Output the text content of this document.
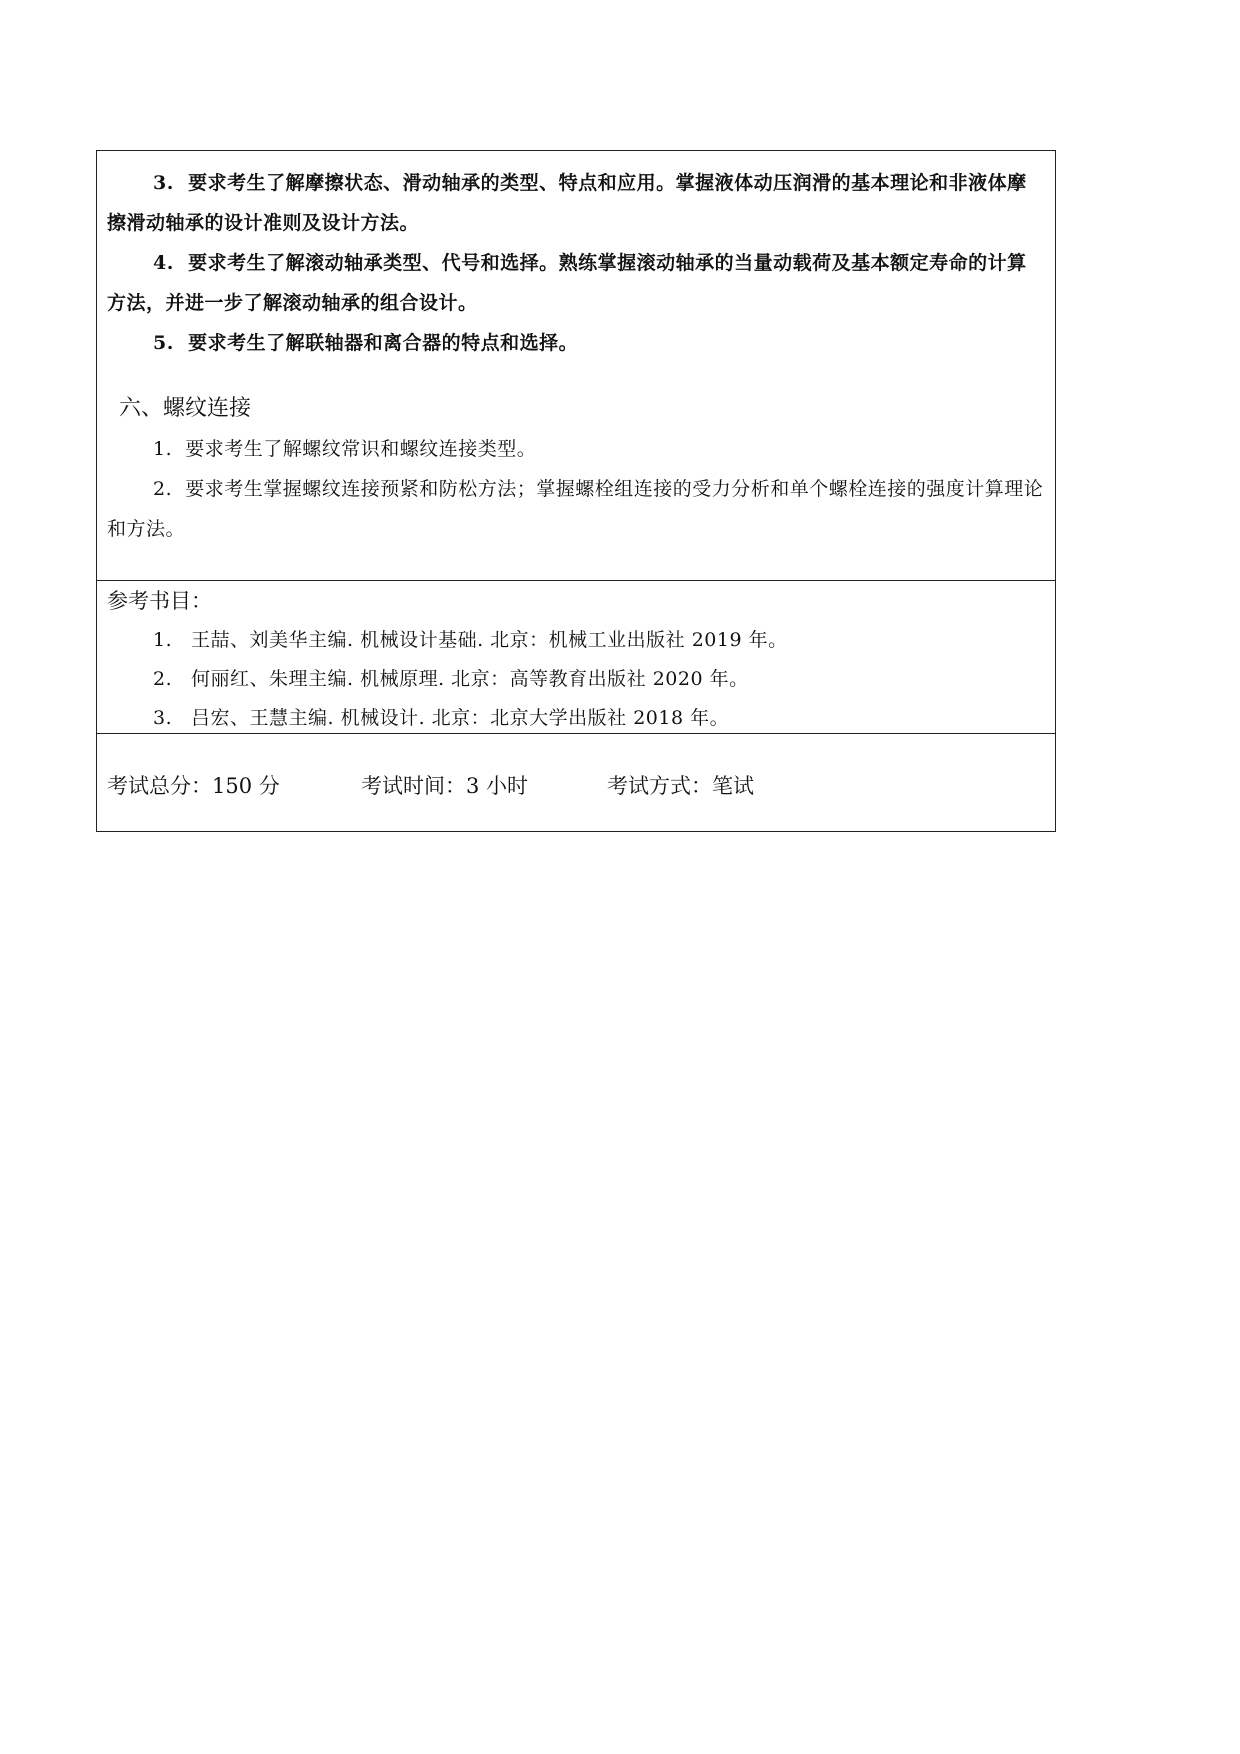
3. 要求考生了解摩擦状态、滑动轴承的类型、特点和应用。掌握液体动压润滑的基本理论和非液体摩擦滑动轴承的设计准则及设计方法。

4. 要求考生了解滚动轴承类型、代号和选择。熟练掌握滚动轴承的当量动载荷及基本额定寿命的计算方法，并进一步了解滚动轴承的组合设计。

5. 要求考生了解联轴器和离合器的特点和选择。

六、螺纹连接

1. 要求考生了解螺纹常识和螺纹连接类型。

2. 要求考生掌握螺纹连接预紧和防松方法；掌握螺栓组连接的受力分析和单个螺栓连接的强度计算理论和方法。

参考书目：

1. 王喆、刘美华主编. 机械设计基础. 北京：机械工业出版社 2019 年。

2. 何丽红、朱理主编. 机械原理. 北京：高等教育出版社 2020 年。

3. 吕宏、王慧主编. 机械设计. 北京：北京大学出版社 2018 年。

考试总分：150 分	考试时间：3 小时	考试方式：笔试
